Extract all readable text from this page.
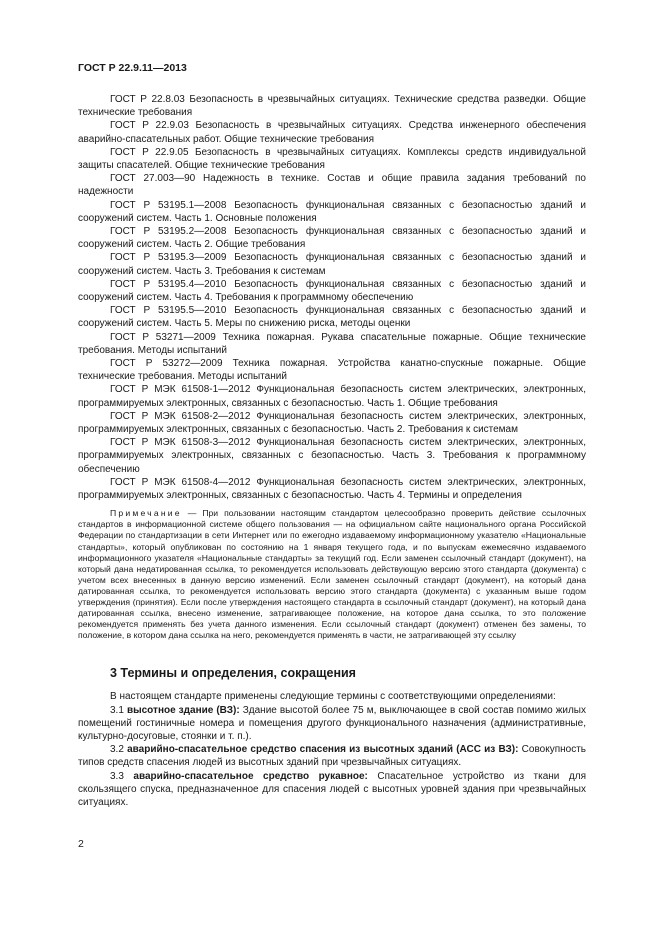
ГОСТ Р 22.9.11—2013

ГОСТ Р 22.8.03 Безопасность в чрезвычайных ситуациях. Технические средства разведки. Общие технические требования

ГОСТ Р 22.9.03 Безопасность в чрезвычайных ситуациях. Средства инженерного обеспечения аварийно-спасательных работ. Общие технические требования

ГОСТ Р 22.9.05 Безопасность в чрезвычайных ситуациях. Комплексы средств индивидуальной защиты спасателей. Общие технические требования

ГОСТ 27.003—90 Надежность в технике. Состав и общие правила задания требований по надежности

ГОСТ Р 53195.1—2008 Безопасность функциональная связанных с безопасностью зданий и сооружений систем. Часть 1. Основные положения

ГОСТ Р 53195.2—2008 Безопасность функциональная связанных с безопасностью зданий и сооружений систем. Часть 2. Общие требования

ГОСТ Р 53195.3—2009 Безопасность функциональная связанных с безопасностью зданий и сооружений систем. Часть 3. Требования к системам

ГОСТ Р 53195.4—2010 Безопасность функциональная связанных с безопасностью зданий и сооружений систем. Часть 4. Требования к программному обеспечению

ГОСТ Р 53195.5—2010 Безопасность функциональная связанных с безопасностью зданий и сооружений систем. Часть 5. Меры по снижению риска, методы оценки

ГОСТ Р 53271—2009 Техника пожарная. Рукава спасательные пожарные. Общие технические требования. Методы испытаний

ГОСТ Р 53272—2009 Техника пожарная. Устройства канатно-спускные пожарные. Общие технические требования. Методы испытаний

ГОСТ Р МЭК 61508-1—2012 Функциональная безопасность систем электрических, электронных, программируемых электронных, связанных с безопасностью. Часть 1. Общие требования

ГОСТ Р МЭК 61508-2—2012 Функциональная безопасность систем электрических, электронных, программируемых электронных, связанных с безопасностью. Часть 2. Требования к системам

ГОСТ Р МЭК 61508-3—2012 Функциональная безопасность систем электрических, электронных, программируемых электронных, связанных с безопасностью. Часть 3. Требования к программному обеспечению

ГОСТ Р МЭК 61508-4—2012 Функциональная безопасность систем электрических, электронных, программируемых электронных, связанных с безопасностью. Часть 4. Термины и определения

Примечание — При пользовании настоящим стандартом целесообразно проверить действие ссылочных стандартов в информационной системе общего пользования — на официальном сайте национального органа Российской Федерации по стандартизации в сети Интернет или по ежегодно издаваемому информационному указателю «Национальные стандарты», который опубликован по состоянию на 1 января текущего года, и по выпускам ежемесячно издаваемого информационного указателя «Национальные стандарты» за текущий год. Если заменен ссылочный стандарт (документ), на который дана недатированная ссылка, то рекомендуется использовать действующую версию этого стандарта (документа) с учетом всех внесенных в данную версию изменений. Если заменен ссылочный стандарт (документ), на который дана датированная ссылка, то рекомендуется использовать версию этого стандарта (документа) с указанным выше годом утверждения (принятия). Если после утверждения настоящего стандарта в ссылочный стандарт (документ), на который дана датированная ссылка, внесено изменение, затрагивающее положение, на которое дана ссылка, то это положение рекомендуется применять без учета данного изменения. Если ссылочный стандарт (документ) отменен без замены, то положение, в котором дана ссылка на него, рекомендуется применять в части, не затрагивающей эту ссылку

3 Термины и определения, сокращения

В настоящем стандарте применены следующие термины с соответствующими определениями:

3.1 высотное здание (ВЗ): Здание высотой более 75 м, выключающее в свой состав помимо жилых помещений гостиничные номера и помещения другого функционального назначения (административные, культурно-досуговые, стоянки и т. п.).

3.2 аварийно-спасательное средство спасения из высотных зданий (АСС из ВЗ): Совокупность типов средств спасения людей из высотных зданий при чрезвычайных ситуациях.

3.3 аварийно-спасательное средство рукавное: Спасательное устройство из ткани для скользящего спуска, предназначенное для спасения людей с высотных уровней здания при чрезвычайных ситуациях.

2
